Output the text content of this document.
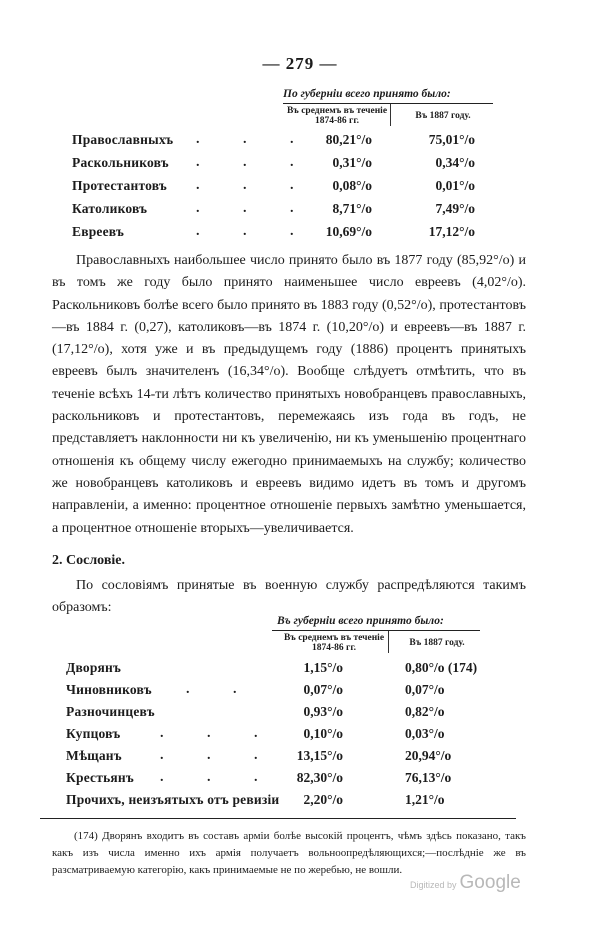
— 279 —
По губерніи всего принято было:
Въ среднемъ въ теченіе 1874-86 гг.	Въ 1887 году.
Православныхъ . . . 80,21°/o	75,01°/o
Раскольниковъ . . .	0,31°/o	0,34°/o
Протестантовъ . . .	0,08°/o	0,01°/o
Католиковъ	. . .	8,71°/o	7,49°/o
Евреевъ	. . . 10,69°/o	17,12°/o

Православныхъ наибольшее число принято было въ 1877 году (85,92°/o) и въ томъ же году было принято наименьшее число евреевъ (4,02°/o). Раскольниковъ болѣе всего было принято въ 1883 году (0,52°/o), протестантовъ—въ 1884 г. (0,27), католиковъ—въ 1874 г. (10,20°/o) и евреевъ—въ 1887 г. (17,12°/o), хотя уже и въ предыдущемъ году (1886) процентъ принятыхъ евреевъ былъ значителенъ (16,34°/o). Вообще слѣдуетъ отмѣтить, что въ теченіе всѣхъ 14-ти лѣтъ количество принятыхъ новобранцевъ православныхъ, раскольниковъ и протестантовъ, перемежаясь изъ года въ годъ, не представляетъ наклонности ни къ увеличенію, ни къ уменьшенію процентнаго отношенія къ общему числу ежегодно принимаемыхъ на службу; количество же новобранцевъ католиковъ и евреевъ видимо идетъ въ томъ и другомъ направленіи, а именно: процентное отношеніе первыхъ замѣтно уменьшается, а процентное отношеніе вторыхъ—увеличивается.

2. Сословіе.

По сословіямъ принятые въ военную службу распредѣляются такимъ образомъ:

Въ губерніи всего принято было:
Въ среднемъ въ теченіе 1874-86 гг.	Въ 1887 году.
Дворянъ	1,15°/o	0,80°/o (174)
Чиновниковъ . .	0,07°/o	0,07°/o
Разночинцевъ	0,93°/o	0,82°/o
Купцовъ	. . .	0,10°/o	0,03°/o
Мѣщанъ	. . .	13,15°/o	20,94°/o
Крестьянъ . . .	82,30°/o	76,13°/o
Прочихъ, неизъятыхъ отъ ревизіи	2,20°/o	1,21°/o

(174) Дворянъ входитъ въ составъ арміи болѣе высокій процентъ, чѣмъ здѣсь показано, такъ какъ изъ числа именно ихъ армія получаетъ вольноопредѣляющихся;—послѣдніе же въ разсматриваемую категорію, какъ принимаемые не по жеребью, не вошли.

Digitized by Google
